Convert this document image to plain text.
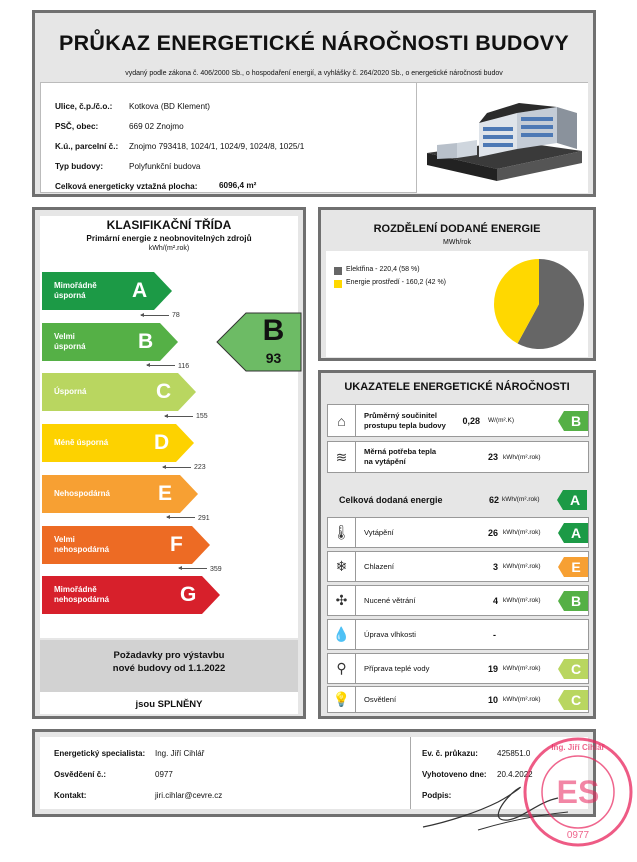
PRŮKAZ ENERGETICKÉ NÁROČNOSTI BUDOVY
vydaný podle zákona č. 406/2000 Sb., o hospodaření energií, a vyhlášky č. 264/2020 Sb., o energetické náročnosti budov
Ulice, č.p./č.o.: Kotkova (BD Klement)
PSČ, obec:	669 02 Znojmo
K.ú., parcelní č.: Znojmo 793418, 1024/1, 1024/9, 1024/8, 1025/1
Typ budovy:	Polyfunkční budova
Celková energeticky vztažná plocha:	6096,4 m²
KLASIFIKAČNÍ TŘÍDA
Primární energie z neobnovitelných zdrojů
kWh/(m².rok)
Mimořádně
úsporná	A
Velmi
úsporná B
Úsporná	C
Méně úsporná D
Nehospodárná E
Velmi
nehospodárná	F
Mimořádně
nehospodárná	G
78
116
155
223
291
359
B
93
Požadavky pro výstavbu
nové budovy od 1.1.2022
jsou SPLNĚNY
ROZDĚLENÍ DODANÉ ENERGIE
MWh/rok
Elektřina - 220,4 (58 %)
Energie prostředí - 160,2 (42 %)
UKAZATELE ENERGETICKÉ NÁROČNOSTI
⌂	Průměrný součinitel
prostupu tepla budovy 0,28 W/(m².K)	B
≋	Měrná potřeba tepla
na vytápění	23 kWh/(m².rok)
Celková dodaná energie	62 kWh/(m².rok)	A
🌡	Vytápění	26 kWh/(m².rok)	A
❄	Chlazení	3 kWh/(m².rok)	E
✣	Nucené větrání	4 kWh/(m².rok)	B
💧	Úprava vlhkosti	-
⚲	Příprava teplé vody	19 kWh/(m².rok)	C
💡	Osvětlení	10 kWh/(m².rok)	C
Energetický specialista: Ing. Jiří Cihlář
Osvědčení č.:	0977
Kontakt:	jiri.cihlar@cevre.cz
Ev. č. průkazu: 425851.0
Vyhotoveno dne: 20.4.2022
Podpis:	ES
0977
Ing. Jiří Cihlář
